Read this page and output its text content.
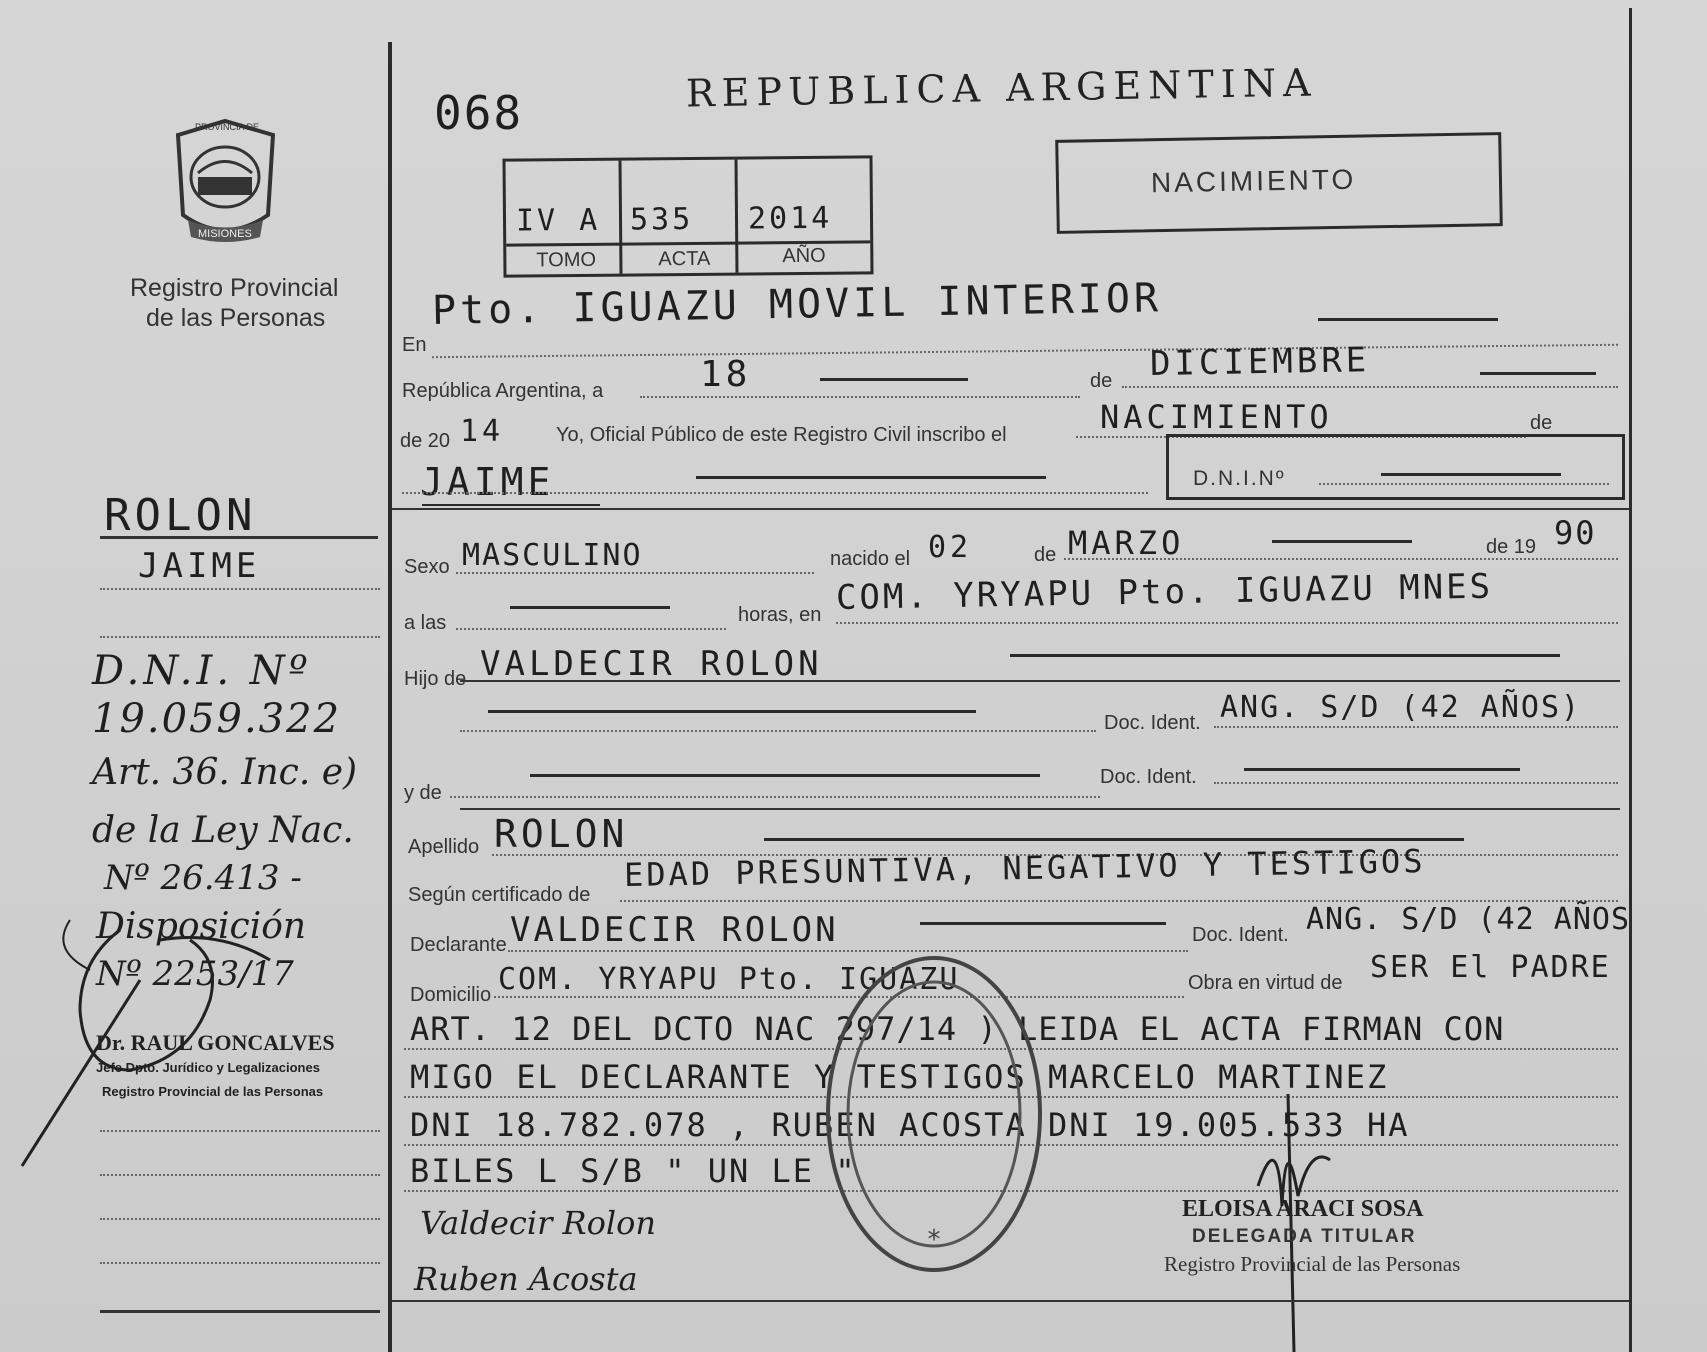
PROVINCIA DE
MISIONES
Registro Provincial
de las Personas
068	REPUBLICA ARGENTINA
IV A 535 2014
TOMO	ACTA	AÑO
NACIMIENTO
En
Pto. IGUAZU MOVIL INTERIOR
República Argentina, a	18	de DICIEMBRE
de 20 14	Yo, Oficial Público de este Registro Civil inscribo el	NACIMIENTO	de
JAIME	D.N.I.Nº
Sexo MASCULINO	nacido el 02	de MARZO	de 19 90
a las	horas, en COM. YRYAPU Pto. IGUAZU MNES
Hijo de VALDECIR ROLON
Doc. Ident. ANG. S/D (42 AÑOS)
y de
Doc. Ident.
Apellido ROLON
Según certificado de
EDAD PRESUNTIVA, NEGATIVO Y TESTIGOS
Declarante VALDECIR ROLON	Doc. Ident. ANG. S/D (42 AÑOS
Domicilio COM. YRYAPU Pto. IGUAZU	Obra en virtud de SER El PADRE
ART. 12 DEL DCTO NAC 297/14 ) LEIDA EL ACTA FIRMAN CON
MIGO EL DECLARANTE Y TESTIGOS MARCELO MARTINEZ
DNI 18.782.078 , RUBEN ACOSTA DNI 19.005.533 HA
BILES L S/B " UN LE "
*
Valdecir Rolon
Ruben Acosta
ELOISA ARACI SOSA
DELEGADA TITULAR
Registro Provincial de las Personas
ROLON
JAIME
D.N.I. Nº
19.059.322
Art. 36. Inc. e)
de la Ley Nac.
Nº 26.413 -
Disposición
Nº 2253/17
Dr. RAUL GONCALVES
Jefe Dpto. Jurídico y Legalizaciones
Registro Provincial de las Personas
